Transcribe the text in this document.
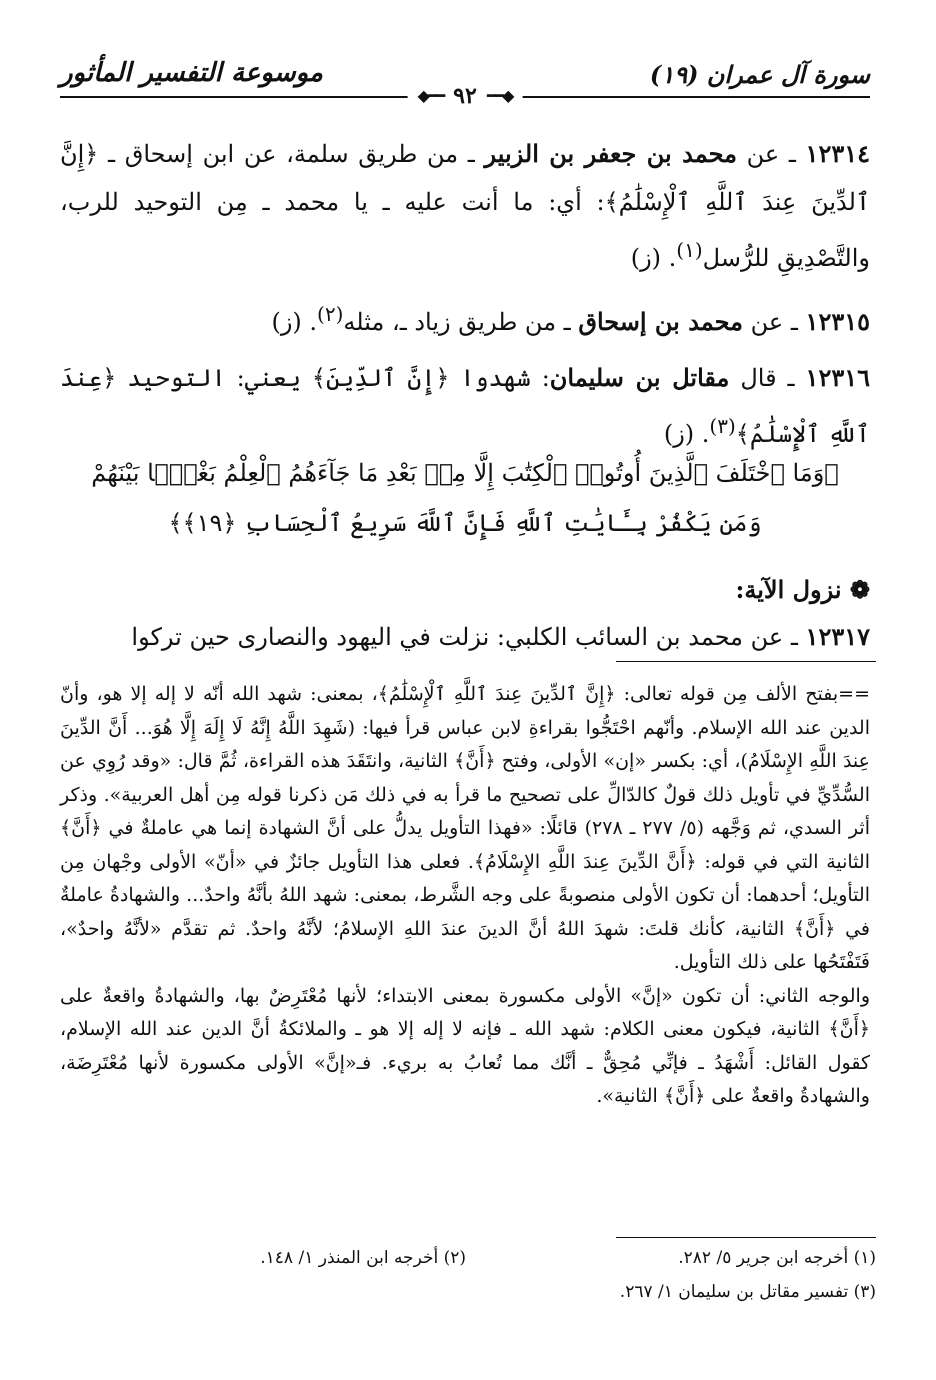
سورة آل عمران (١٩)
موسوعة التفسير المأثور
◆━━
٩٢
━━◆

١٢٣١٤ ـ عن محمد بن جعفر بن الزبير ـ من طريق سلمة، عن ابن إسحاق ـ ﴿إِنَّ ٱلدِّينَ عِندَ ٱللَّهِ ٱلْإِسْلَٰمُ﴾: أي: ما أنت عليه ـ يا محمد ـ مِن التوحيد للرب، والتَّصْدِيقِ للرُّسل$^{(١)}$. (ز)

١٢٣١٥ ـ عن محمد بن إسحاق ـ من طريق زياد ـ، مثله$^{(٢)}$. (ز)

١٢٣١٦ ـ قال مقاتل بن سليمان: شهدوا ﴿إِنَّ ٱلدِّينَ﴾ يعني: التوحيد ﴿عِندَ ٱللَّهِ ٱلْإِسْلَٰمُ﴾$^{(٣)}$. (ز)

﴿وَمَا ٱخْتَلَفَ ٱلَّذِينَ أُوتُوا۟ ٱلْكِتَٰبَ إِلَّا مِنۢ بَعْدِ مَا جَآءَهُمُ ٱلْعِلْمُ بَغْيًۢا بَيْنَهُمْ
وَمَن يَكْفُرْ بِـَٔايَٰتِ ٱللَّهِ فَإِنَّ ٱللَّهَ سَرِيعُ ٱلْحِسَابِ ﴿١٩﴾﴾
❁ نزول الآية:
١٢٣١٧ ـ عن محمد بن السائب الكلبي: نزلت في اليهود والنصارى حين تركوا

==بفتح الألف مِن قوله تعالى: ﴿إِنَّ ٱلدِّينَ عِندَ ٱللَّهِ ٱلْإِسْلَٰمُ﴾، بمعنى: شهد الله أنّه لا إله إلا هو، وأنّ الدين عند الله الإسلام. وأنّهم احْتَجُّوا بقراءةِ لابن عباس قرأ فيها: (شَهِدَ اللَّهُ إِنَّهُ لَا إِلَهَ إِلَّا هُوَ... أَنَّ الدِّينَ عِندَ اللَّهِ الإِسْلَامُ)، أي: بكسر «إن» الأولى، وفتح ﴿أَنَّ﴾ الثانية، وانتَقَدَ هذه القراءة، ثُمَّ قال: «وقد رُوِي عن السُّدِّيِّ في تأويل ذلك قولٌ كالدّالِّ على تصحيح ما قرأ به في ذلك مَن ذكرنا قوله مِن أهل العربية». وذكر أثر السدي، ثم وَجَّهه (٥/ ٢٧٧ ـ ٢٧٨) قائلًا: «فهذا التأويل يدلُّ على أنَّ الشهادة إنما هي عاملةٌ في ﴿أَنَّ﴾ الثانية التي في قوله: ﴿أَنَّ الدِّينَ عِندَ اللَّهِ الإِسْلَامُ﴾. فعلى هذا التأويل جائزٌ في «أنّ» الأولى وجْهان مِن التأويل؛ أحدهما: أن تكون الأولى منصوبةً على وجه الشَّرط، بمعنى: شهد اللهُ بأنَّهُ واحدٌ... والشهادةُ عاملةٌ في ﴿أَنَّ﴾ الثانية، كأنك قلتَ: شهدَ اللهُ أنَّ الدينَ عندَ اللهِ الإسلامُ؛ لأنَّهُ واحدٌ. ثم تقدَّم «لأنَّهُ واحدٌ»، فَتَفْتَحُها على ذلك التأويل.

والوجه الثاني: أن تكون «إنَّ» الأولى مكسورة بمعنى الابتداء؛ لأنها مُعْتَرِضٌ بها، والشهادةُ واقعةٌ على ﴿أَنَّ﴾ الثانية، فيكون معنى الكلام: شهد الله ـ فإنه لا إله إلا هو ـ والملائكةُ أنَّ الدين عند الله الإسلام، كقول القائل: أَشْهَدُ ـ فإنِّي مُحِقٌّ ـ أنَّك مما تُعابُ به بريء. فـ«إنَّ» الأولى مكسورة لأنها مُعْتَرِضَة، والشهادةُ واقعةٌ على ﴿أَنَّ﴾ الثانية».

(١) أخرجه ابن جرير ٥/ ٢٨٢.
(٢) أخرجه ابن المنذر ١/ ١٤٨.
(٣) تفسير مقاتل بن سليمان ١/ ٢٦٧.
